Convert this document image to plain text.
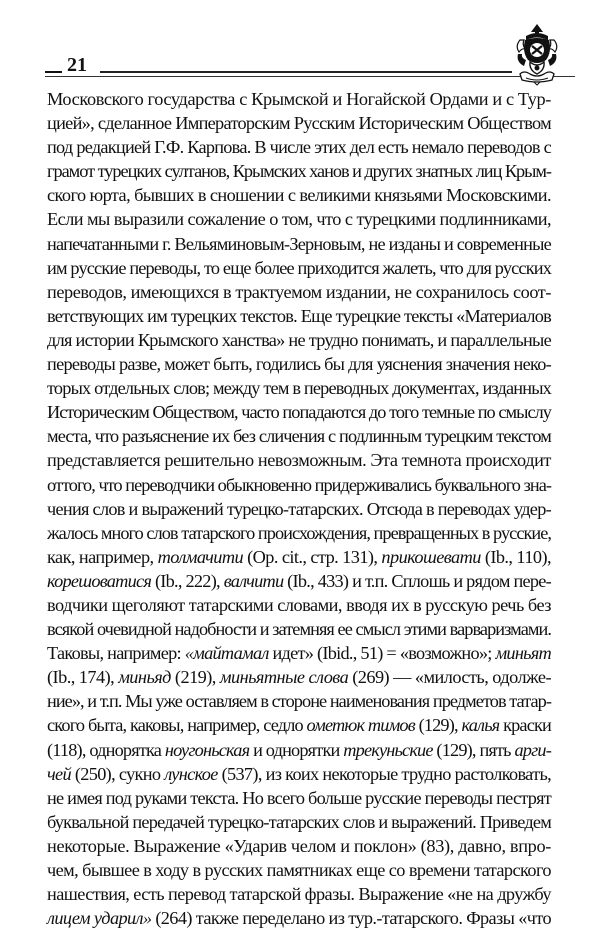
21
Московского государства с Крымской и Ногайской Ордами и с Тур-
цией», сделанное Императорским Русским Историческим Обществом
под редакцией Г.Ф. Карпова. В числе этих дел есть немало переводов с
грамот турецких султанов, Крымских ханов и других знатных лиц Крым-
ского юрта, бывших в сношении с великими князьями Московскими.
Если мы выразили сожаление о том, что с турецкими подлинниками,
напечатанными г. Вельяминовым-Зерновым, не изданы и современные
им русские переводы, то еще более приходится жалеть, что для русских
переводов, имеющихся в трактуемом издании, не сохранилось соот-
ветствующих им турецких текстов. Еще турецкие тексты «Материалов
для истории Крымского ханства» не трудно понимать, и параллельные
переводы разве, может быть, годились бы для уяснения значения неко-
торых отдельных слов; между тем в переводных документах, изданных
Историческим Обществом, часто попадаются до того темные по смыслу
места, что разъяснение их без сличения с подлинным турецким текстом
представляется решительно невозможным. Эта темнота происходит
оттого, что переводчики обыкновенно придерживались буквального зна-
чения слов и выражений турецко-татарских. Отсюда в переводах удер-
жалось много слов татарского происхождения, превращенных в русские,
как, например, толмачити (Op. cit., стр. 131), прикошевати (Ib., 110),
корешоватися (Ib., 222), валчити (Ib., 433) и т.п. Сплошь и рядом пере-
водчики щеголяют татарскими словами, вводя их в русскую речь без
всякой очевидной надобности и затемняя ее смысл этими варваризмами.
Таковы, например: «майтамал идет» (Ibid., 51) = «возможно»; миньят
(Ib., 174), миньяд (219), миньятные слова (269) — «милость, одолже-
ние», и т.п. Мы уже оставляем в стороне наименования предметов татар-
ского быта, каковы, например, седло ометюк тимов (129), калья краски
(118), однорятка ноугоньская и однорятки трекуньские (129), пять арги-
чей (250), сукно лунское (537), из коих некоторые трудно растолковать,
не имея под руками текста. Но всего больше русские переводы пестрят
буквальной передачей турецко-татарских слов и выражений. Приведем
некоторые. Выражение «Ударив челом и поклон» (83), давно, впро-
чем, бывшее в ходу в русских памятниках еще со времени татарского
нашествия, есть перевод татарской фразы. Выражение «не на дружбу
лицем ударил» (264) также переделано из тур.-татарского. Фразы «что
